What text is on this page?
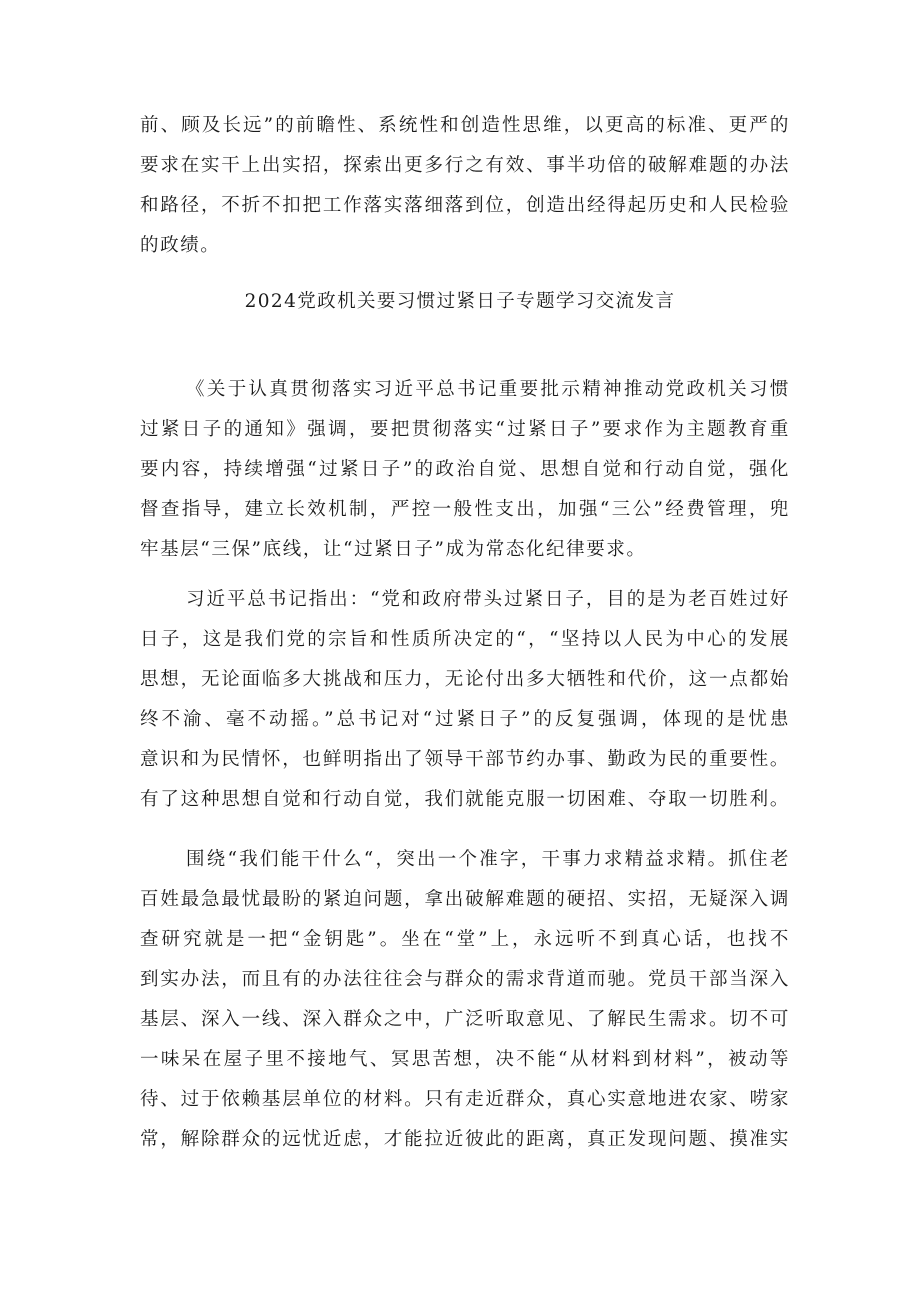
前、顾及长远”的前瞻性、系统性和创造性思维，以更高的标准、更严的
要求在实干上出实招，探索出更多行之有效、事半功倍的破解难题的办法
和路径，不折不扣把工作落实落细落到位，创造出经得起历史和人民检验
的政绩。
2024党政机关要习惯过紧日子专题学习交流发言
《关于认真贯彻落实习近平总书记重要批示精神推动党政机关习惯
过紧日子的通知》强调，要把贯彻落实“过紧日子”要求作为主题教育重
要内容，持续增强“过紧日子”的政治自觉、思想自觉和行动自觉，强化
督查指导，建立长效机制，严控一般性支出，加强“三公”经费管理，兜
牢基层“三保”底线，让“过紧日子”成为常态化纪律要求。
习近平总书记指出：“党和政府带头过紧日子，目的是为老百姓过好
日子，这是我们党的宗旨和性质所决定的“，“坚持以人民为中心的发展
思想，无论面临多大挑战和压力，无论付出多大牺牲和代价，这一点都始
终不渝、毫不动摇。”总书记对“过紧日子”的反复强调，体现的是忧患
意识和为民情怀，也鲜明指出了领导干部节约办事、勤政为民的重要性。
有了这种思想自觉和行动自觉，我们就能克服一切困难、夺取一切胜利。
围绕“我们能干什么“，突出一个准字，干事力求精益求精。抓住老
百姓最急最忧最盼的紧迫问题，拿出破解难题的硬招、实招，无疑深入调
查研究就是一把“金钥匙”。坐在“堂”上，永远听不到真心话，也找不
到实办法，而且有的办法往往会与群众的需求背道而驰。党员干部当深入
基层、深入一线、深入群众之中，广泛听取意见、了解民生需求。切不可
一味呆在屋子里不接地气、冥思苦想，决不能“从材料到材料”，被动等
待、过于依赖基层单位的材料。只有走近群众，真心实意地进农家、唠家
常，解除群众的远忧近虑，才能拉近彼此的距离，真正发现问题、摸准实
